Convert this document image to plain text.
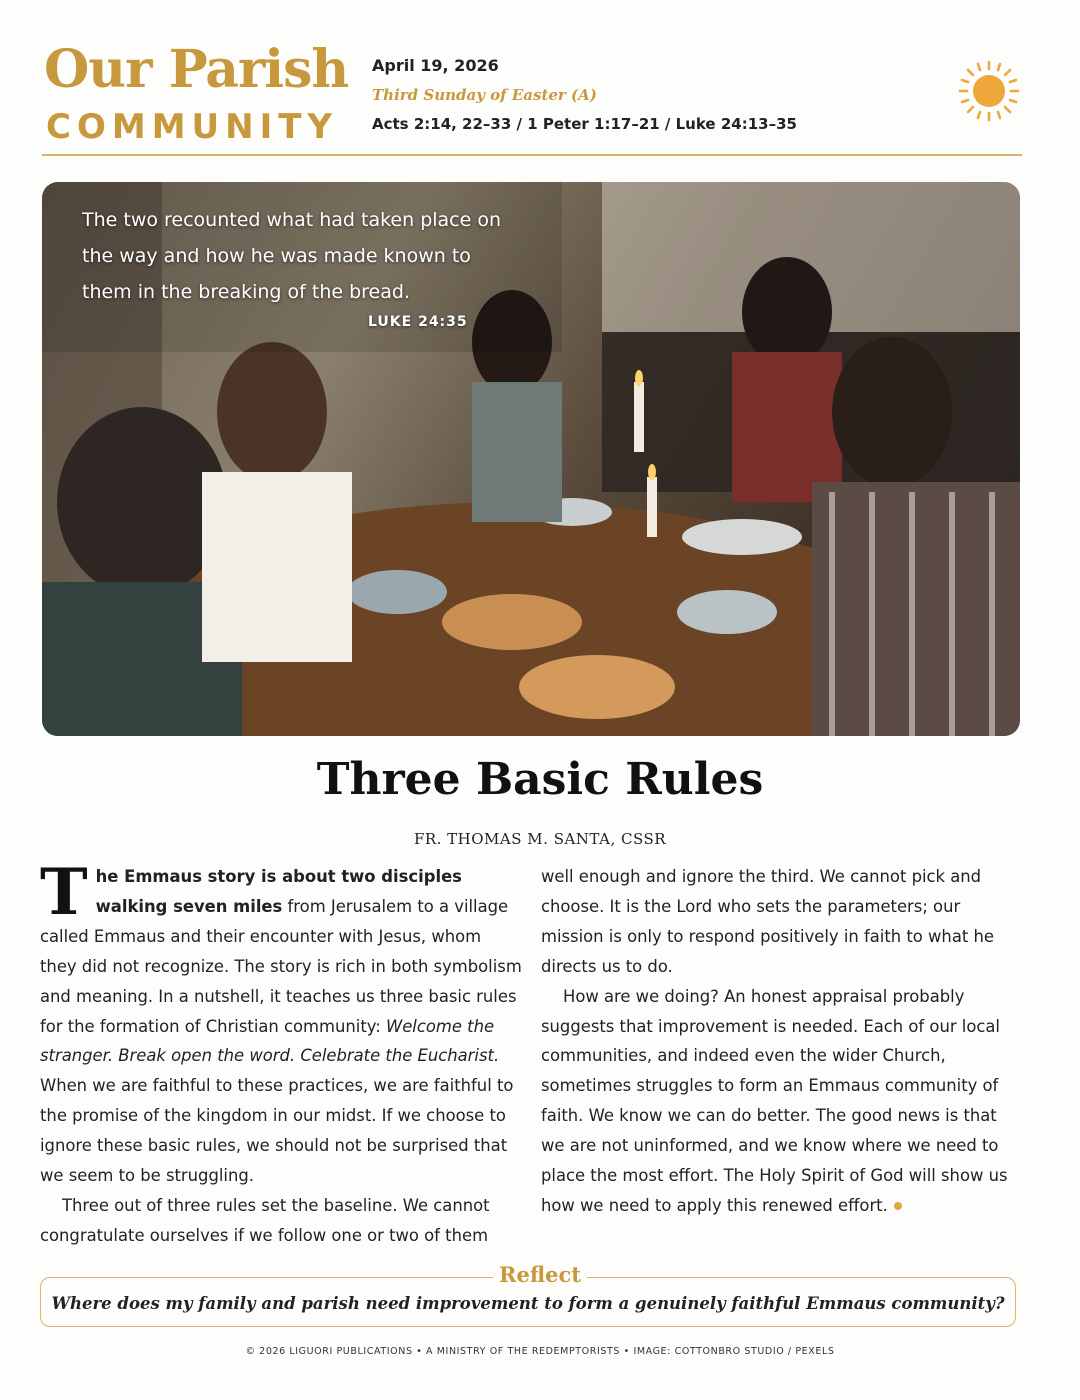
Our Parish
COMMUNITY
April 19, 2026
Third Sunday of Easter (A)
Acts 2:14, 22–33 / 1 Peter 1:17–21 / Luke 24:13–35
The two recounted what had taken place on the way and how he was made known to them in the breaking of the bread.
LUKE 24:35
Three Basic Rules
FR. THOMAS M. SANTA, CSSR

The Emmaus story is about two disciples walking seven miles from Jerusalem to a village called Emmaus and their encounter with Jesus, whom they did not recognize. The story is rich in both symbolism and meaning. In a nutshell, it teaches us three basic rules for the formation of Christian community: Welcome the stranger. Break open the word. Celebrate the Eucharist. When we are faithful to these practices, we are faithful to the promise of the kingdom in our midst. If we choose to ignore these basic rules, we should not be surprised that we seem to be struggling.

Three out of three rules set the baseline. We cannot congratulate ourselves if we follow one or two of them

well enough and ignore the third. We cannot pick and choose. It is the Lord who sets the parameters; our mission is only to respond positively in faith to what he directs us to do.

How are we doing? An honest appraisal probably suggests that improvement is needed. Each of our local communities, and indeed even the wider Church, sometimes struggles to form an Emmaus community of faith. We know we can do better. The good news is that we are not uninformed, and we know where we need to place the most effort. The Holy Spirit of God will show us how we need to apply this renewed effort.

Reflect
Where does my family and parish need improvement to form a genuinely faithful Emmaus community?
© 2026 LIGUORI PUBLICATIONS • A MINISTRY OF THE REDEMPTORISTS • IMAGE: COTTONBRO STUDIO / PEXELS
